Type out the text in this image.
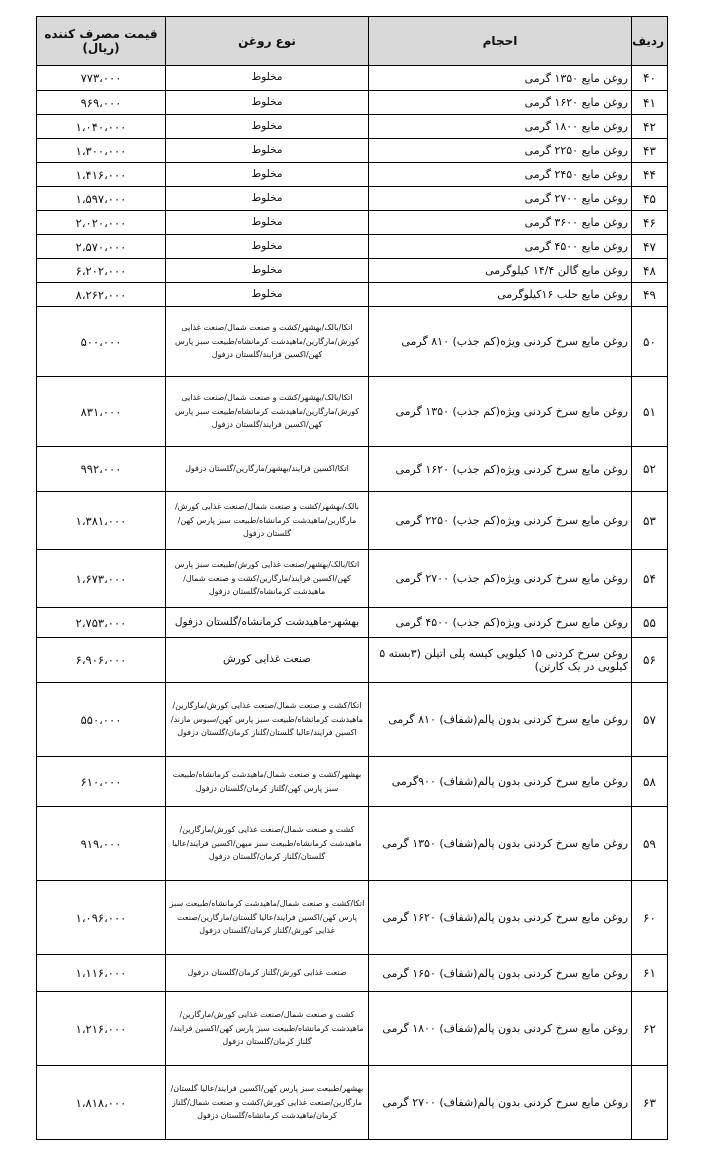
ردیف	احجام	نوع روغن	قیمت مصرف کننده (ریال)
۴۰	روغن مایع ۱۳۵۰ گرمی	مخلوط	۷۷۳،۰۰۰
۴۱	روغن مایع ۱۶۲۰ گرمی	مخلوط	۹۶۹،۰۰۰
۴۲	روغن مایع ۱۸۰۰ گرمی	مخلوط	۱،۰۴۰،۰۰۰
۴۳	روغن مایع ۲۲۵۰ گرمی	مخلوط	۱،۳۰۰،۰۰۰
۴۴	روغن مایع ۲۴۵۰ گرمی	مخلوط	۱،۴۱۶،۰۰۰
۴۵	روغن مایع ۲۷۰۰ گرمی	مخلوط	۱،۵۹۷،۰۰۰
۴۶	روغن مایع ۳۶۰۰ گرمی	مخلوط	۲،۰۲۰،۰۰۰
۴۷	روغن مایع ۴۵۰۰ گرمی	مخلوط	۲،۵۷۰،۰۰۰
۴۸	روغن مایع گالن ۱۴/۴ کیلوگرمی	مخلوط	۶،۲۰۲،۰۰۰
۴۹	روغن مایع حلب ۱۶کیلوگرمی	مخلوط	۸،۲۶۲،۰۰۰
۵۰	روغن مایع سرخ کردنی ویژه(کم جذب) ۸۱۰ گرمی	اتکا/بالک/بهشهر/کشت و صنعت شمال/صنعت غذایی کورش/مارگارین/ماهیدشت کرمانشاه/طبیعت سبز پارس کهن/اکسین فرایند/گلستان دزفول	۵۰۰،۰۰۰
۵۱	روغن مایع سرخ کردنی ویژه(کم جذب) ۱۳۵۰ گرمی	اتکا/بالک/بهشهر/کشت و صنعت شمال/صنعت غذایی کورش/مارگارین/ماهیدشت کرمانشاه/طبیعت سبز پارس کهن/اکسین فرایند/گلستان دزفول	۸۳۱،۰۰۰
۵۲	روغن مایع سرخ کردنی ویژه(کم جذب) ۱۶۲۰ گرمی	اتکا/اکسین فرایند/بهشهر/مارگارین/گلستان دزفول	۹۹۲،۰۰۰
۵۳	روغن مایع سرخ کردنی ویژه(کم جذب) ۲۲۵۰ گرمی	بالک/بهشهر/کشت و صنعت شمال/صنعت غذایی کورش/مارگارین/ماهیدشت کرمانشاه/طبیعت سبز پارس کهن/گلستان دزفول	۱،۳۸۱،۰۰۰
۵۴	روغن مایع سرخ کردنی ویژه(کم جذب) ۲۷۰۰ گرمی	اتکا/بالک/بهشهر/صنعت غذایی کورش/طبیعت سبز پارس کهن/اکسین فرایند/مارگارین/کشت و صنعت شمال/ماهیدشت کرمانشاه/گلستان دزفول	۱،۶۷۳،۰۰۰
۵۵	روغن مایع سرخ کردنی ویژه(کم جذب) ۴۵۰۰ گرمی	بهشهر-ماهیدشت کرمانشاه/گلستان دزفول	۲،۷۵۳،۰۰۰
۵۶	روغن سرخ کردنی ۱۵ کیلویی کیسه پلی اتیلن (۳بسته ۵ کیلویی در یک کارتن)	صنعت غذایی کورش	۶،۹۰۶،۰۰۰
۵۷	روغن مایع سرخ کردنی بدون پالم(شفاف) ۸۱۰ گرمی	اتکا/کشت و صنعت شمال/صنعت غذایی کورش/مارگارین/ماهیدشت کرمانشاه/طبیعت سبز پارس کهن/سبوس مازند/اکسین فرایند/عالیا گلستان/گلناز کرمان/گلستان دزفول	۵۵۰،۰۰۰
۵۸	روغن مایع سرخ کردنی بدون پالم(شفاف) ۹۰۰گرمی	بهشهر/کشت و صنعت شمال/ماهیدشت کرمانشاه/طبیعت سبز پارس کهن/گلناز کرمان/گلستان دزفول	۶۱۰،۰۰۰
۵۹	روغن مایع سرخ کردنی بدون پالم(شفاف) ۱۳۵۰ گرمی	کشت و صنعت شمال/صنعت غذایی کورش/مارگارین/ماهیدشت کرمانشاه/طبیعت سبز میهن/اکسین فرایند/عالیا گلستان/گلناز کرمان/گلستان دزفول	۹۱۹،۰۰۰
۶۰	روغن مایع سرخ کردنی بدون پالم(شفاف) ۱۶۲۰ گرمی	اتکا/کشت و صنعت شمال/ماهیدشت کرمانشاه/طبیعت سبز پارس کهن/اکسین فرایند/عالیا گلستان/مارگارین/صنعت غذایی کورش/گلناز کرمان/گلستان دزفول	۱،۰۹۶،۰۰۰
۶۱	روغن مایع سرخ کردنی بدون پالم(شفاف) ۱۶۵۰ گرمی	صنعت غذایی کورش/گلناز کرمان/گلستان دزفول	۱،۱۱۶،۰۰۰
۶۲	روغن مایع سرخ کردنی بدون پالم(شفاف) ۱۸۰۰ گرمی	کشت و صنعت شمال/صنعت غذایی کورش/مارگارین/ماهیدشت کرمانشاه/طبیعت سبز پارس کهن/اکسین فرایند/گلناز کرمان/گلستان دزفول	۱،۲۱۶،۰۰۰
۶۳	روغن مایع سرخ کردنی بدون پالم(شفاف) ۲۷۰۰ گرمی	بهشهر/طبیعت سبز پارس کهن/اکسین فرایند/عالیا گلستان/مارگارین/صنعت غذایی کورش/کشت و صنعت شمال/گلناز کرمان/ماهیدشت کرمانشاه/گلستان دزفول	۱،۸۱۸،۰۰۰
